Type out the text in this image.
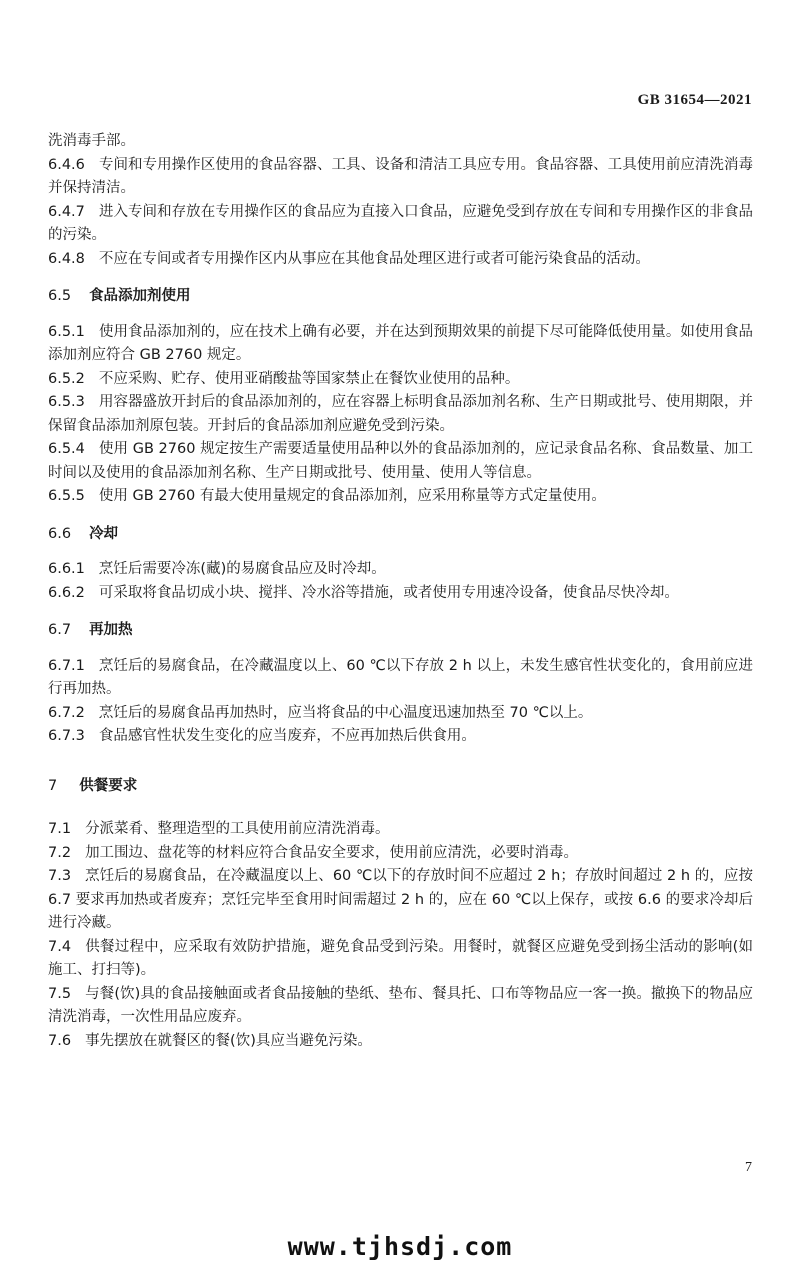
GB 31654—2021
洗消毒手部。
6.4.6 专间和专用操作区使用的食品容器、工具、设备和清洁工具应专用。食品容器、工具使用前应清洗消毒并保持清洁。
6.4.7 进入专间和存放在专用操作区的食品应为直接入口食品，应避免受到存放在专间和专用操作区的非食品的污染。
6.4.8 不应在专间或者专用操作区内从事应在其他食品处理区进行或者可能污染食品的活动。
6.5 食品添加剂使用
6.5.1 使用食品添加剂的，应在技术上确有必要，并在达到预期效果的前提下尽可能降低使用量。如使用食品添加剂应符合 GB 2760 规定。
6.5.2 不应采购、贮存、使用亚硝酸盐等国家禁止在餐饮业使用的品种。
6.5.3 用容器盛放开封后的食品添加剂的，应在容器上标明食品添加剂名称、生产日期或批号、使用期限，并保留食品添加剂原包装。开封后的食品添加剂应避免受到污染。
6.5.4 使用 GB 2760 规定按生产需要适量使用品种以外的食品添加剂的，应记录食品名称、食品数量、加工时间以及使用的食品添加剂名称、生产日期或批号、使用量、使用人等信息。
6.5.5 使用 GB 2760 有最大使用量规定的食品添加剂，应采用称量等方式定量使用。
6.6 冷却
6.6.1 烹饪后需要冷冻(藏)的易腐食品应及时冷却。
6.6.2 可采取将食品切成小块、搅拌、冷水浴等措施，或者使用专用速冷设备，使食品尽快冷却。
6.7 再加热
6.7.1 烹饪后的易腐食品，在冷藏温度以上、60 ℃以下存放 2 h 以上，未发生感官性状变化的，食用前应进行再加热。
6.7.2 烹饪后的易腐食品再加热时，应当将食品的中心温度迅速加热至 70 ℃以上。
6.7.3 食品感官性状发生变化的应当废弃，不应再加热后供食用。
7 供餐要求
7.1 分派菜肴、整理造型的工具使用前应清洗消毒。
7.2 加工围边、盘花等的材料应符合食品安全要求，使用前应清洗，必要时消毒。
7.3 烹饪后的易腐食品，在冷藏温度以上、60 ℃以下的存放时间不应超过 2 h；存放时间超过 2 h 的，应按 6.7 要求再加热或者废弃；烹饪完毕至食用时间需超过 2 h 的，应在 60 ℃以上保存，或按 6.6 的要求冷却后进行冷藏。
7.4 供餐过程中，应采取有效防护措施，避免食品受到污染。用餐时，就餐区应避免受到扬尘活动的影响(如施工、打扫等)。
7.5 与餐(饮)具的食品接触面或者食品接触的垫纸、垫布、餐具托、口布等物品应一客一换。撤换下的物品应清洗消毒，一次性用品应废弃。
7.6 事先摆放在就餐区的餐(饮)具应当避免污染。
7
www.tjhsdj.com
